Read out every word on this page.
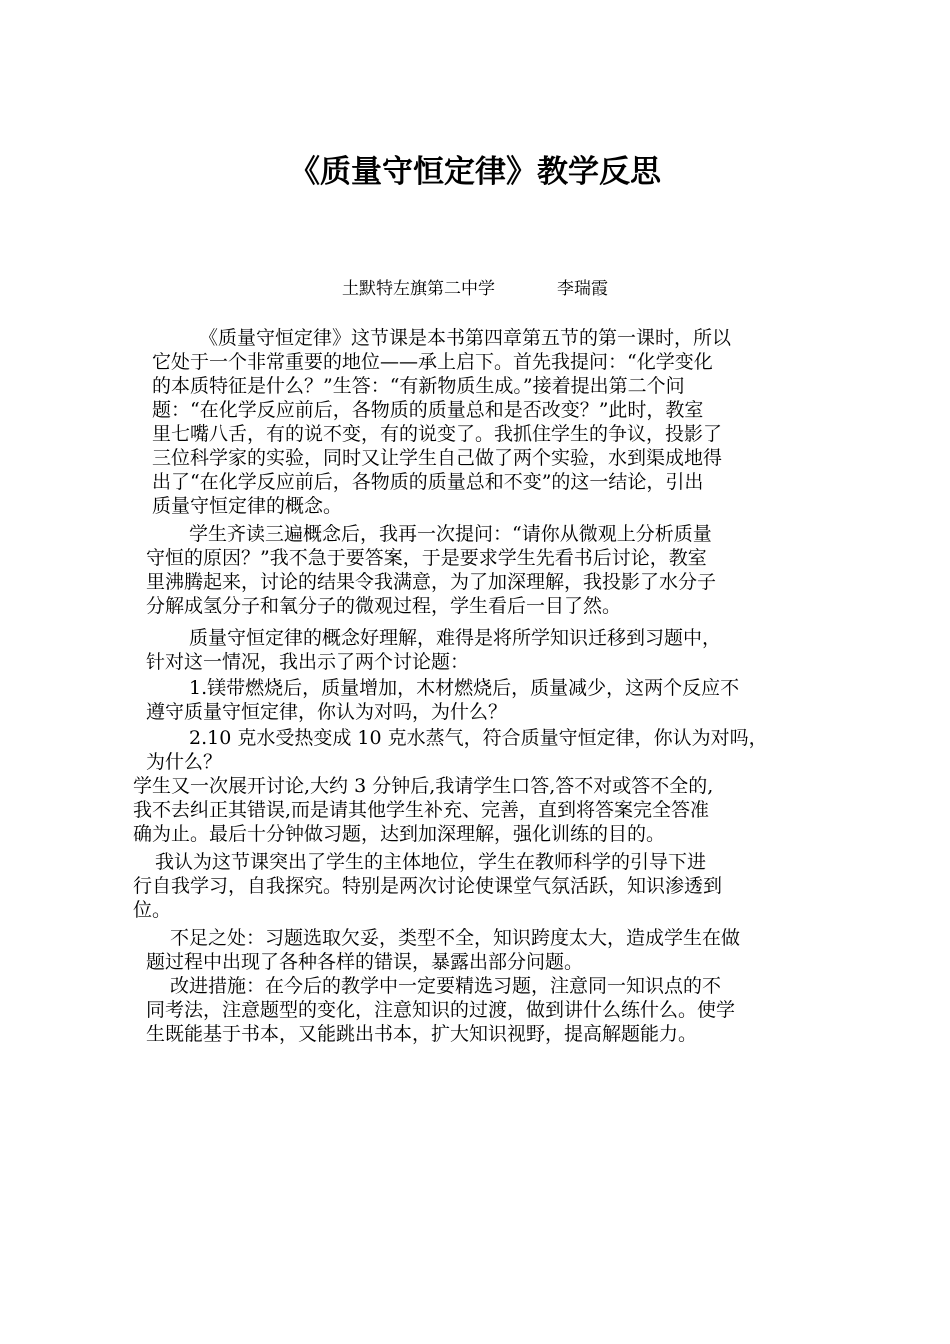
《质量守恒定律》教学反思

土默特左旗第二中学	李瑞霞

《质量守恒定律》这节课是本书第四章第五节的第一课时，所以
它处于一个非常重要的地位——承上启下。首先我提问：“化学变化
的本质特征是什么？”生答：“有新物质生成。”接着提出第二个问
题：“在化学反应前后，各物质的质量总和是否改变？”此时，教室
里七嘴八舌，有的说不变，有的说变了。我抓住学生的争议，投影了
三位科学家的实验，同时又让学生自己做了两个实验，水到渠成地得
出了“在化学反应前后，各物质的质量总和不变”的这一结论，引出
质量守恒定律的概念。

学生齐读三遍概念后，我再一次提问：“请你从微观上分析质量
守恒的原因？”我不急于要答案，于是要求学生先看书后讨论，教室
里沸腾起来，讨论的结果令我满意，为了加深理解，我投影了水分子
分解成氢分子和氧分子的微观过程，学生看后一目了然。

质量守恒定律的概念好理解，难得是将所学知识迁移到习题中，
针对这一情况，我出示了两个讨论题：

1.镁带燃烧后，质量增加，木材燃烧后，质量减少，这两个反应不
遵守质量守恒定律，你认为对吗，为什么？

2.10 克水受热变成 10 克水蒸气，符合质量守恒定律，你认为对吗，
为什么？

学生又一次展开讨论,大约 3 分钟后,我请学生口答,答不对或答不全的,
我不去纠正其错误,而是请其他学生补充、完善，直到将答案完全答准
确为止。最后十分钟做习题，达到加深理解，强化训练的目的。

我认为这节课突出了学生的主体地位，学生在教师科学的引导下进
行自我学习，自我探究。特别是两次讨论使课堂气氛活跃，知识渗透到
位。

不足之处：习题选取欠妥，类型不全，知识跨度太大，造成学生在做
题过程中出现了各种各样的错误，暴露出部分问题。

改进措施：在今后的教学中一定要精选习题，注意同一知识点的不
同考法，注意题型的变化，注意知识的过渡，做到讲什么练什么。使学
生既能基于书本，又能跳出书本，扩大知识视野，提高解题能力。
